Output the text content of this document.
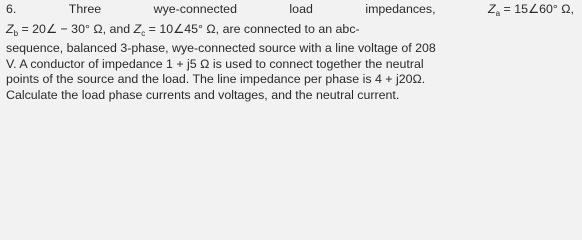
6.	Three	wye-connected	load	impedances,	$Z_a$ = 15∠60° Ω,
$Z_b$ = 20∠ − 30° Ω, and
$Z_c$ = 10∠45° Ω, are connected to an abc-
sequence, balanced 3-phase, wye-connected source with a line voltage of 208
V. A conductor of impedance 1 + j5 Ω is used to connect together the neutral
points of the source and the load. The line impedance per phase is 4 + j20Ω.
Calculate the load phase currents and voltages, and the neutral current.
